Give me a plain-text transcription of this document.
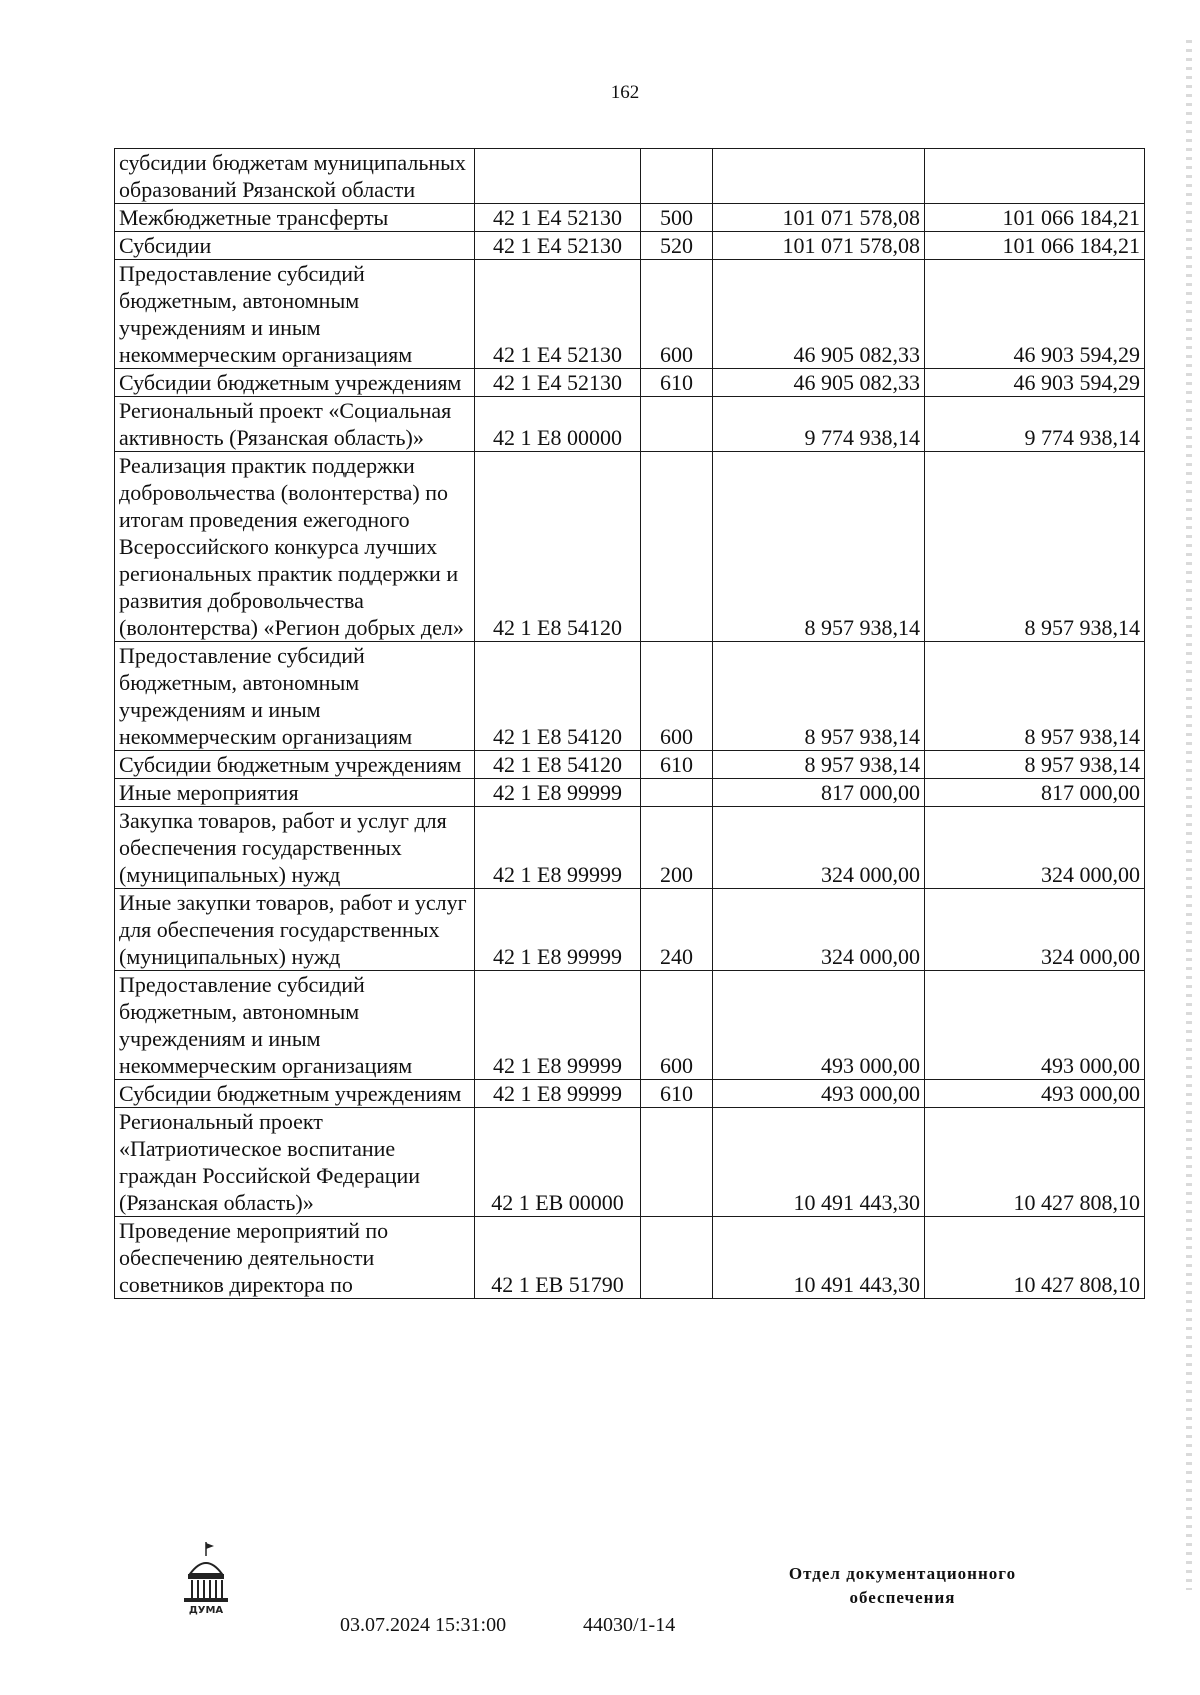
162
субсидии бюджетам муниципальных образований Рязанской области				
Межбюджетные трансферты	42 1 E4 52130	500	101 071 578,08	101 066 184,21
Субсидии	42 1 E4 52130	520	101 071 578,08	101 066 184,21
Предоставление субсидий бюджетным, автономным учреждениям и иным некоммерческим организациям	42 1 E4 52130	600	46 905 082,33	46 903 594,29
Субсидии бюджетным учреждениям	42 1 E4 52130	610	46 905 082,33	46 903 594,29
Региональный проект «Социальная активность (Рязанская область)»	42 1 E8 00000		9 774 938,14	9 774 938,14
Реализация практик поддержки добровольчества (волонтерства) по итогам проведения ежегодного Всероссийского конкурса лучших региональных практик поддержки и развития добровольчества (волонтерства) «Регион добрых дел»	42 1 E8 54120		8 957 938,14	8 957 938,14
Предоставление субсидий бюджетным, автономным учреждениям и иным некоммерческим организациям	42 1 E8 54120	600	8 957 938,14	8 957 938,14
Субсидии бюджетным учреждениям	42 1 E8 54120	610	8 957 938,14	8 957 938,14
Иные мероприятия	42 1 E8 99999		817 000,00	817 000,00
Закупка товаров, работ и услуг для обеспечения государственных (муниципальных) нужд	42 1 E8 99999	200	324 000,00	324 000,00
Иные закупки товаров, работ и услуг для обеспечения государственных (муниципальных) нужд	42 1 E8 99999	240	324 000,00	324 000,00
Предоставление субсидий бюджетным, автономным учреждениям и иным некоммерческим организациям	42 1 E8 99999	600	493 000,00	493 000,00
Субсидии бюджетным учреждениям	42 1 E8 99999	610	493 000,00	493 000,00
Региональный проект «Патриотическое воспитание граждан Российской Федерации (Рязанская область)»	42 1 EB 00000		10 491 443,30	10 427 808,10
Проведение мероприятий по обеспечению деятельности советников директора по	42 1 EB 51790		10 491 443,30	10 427 808,10
ДУМА
03.07.2024 15:31:00	44030/1-14
Отдел документационного
обеспечения
